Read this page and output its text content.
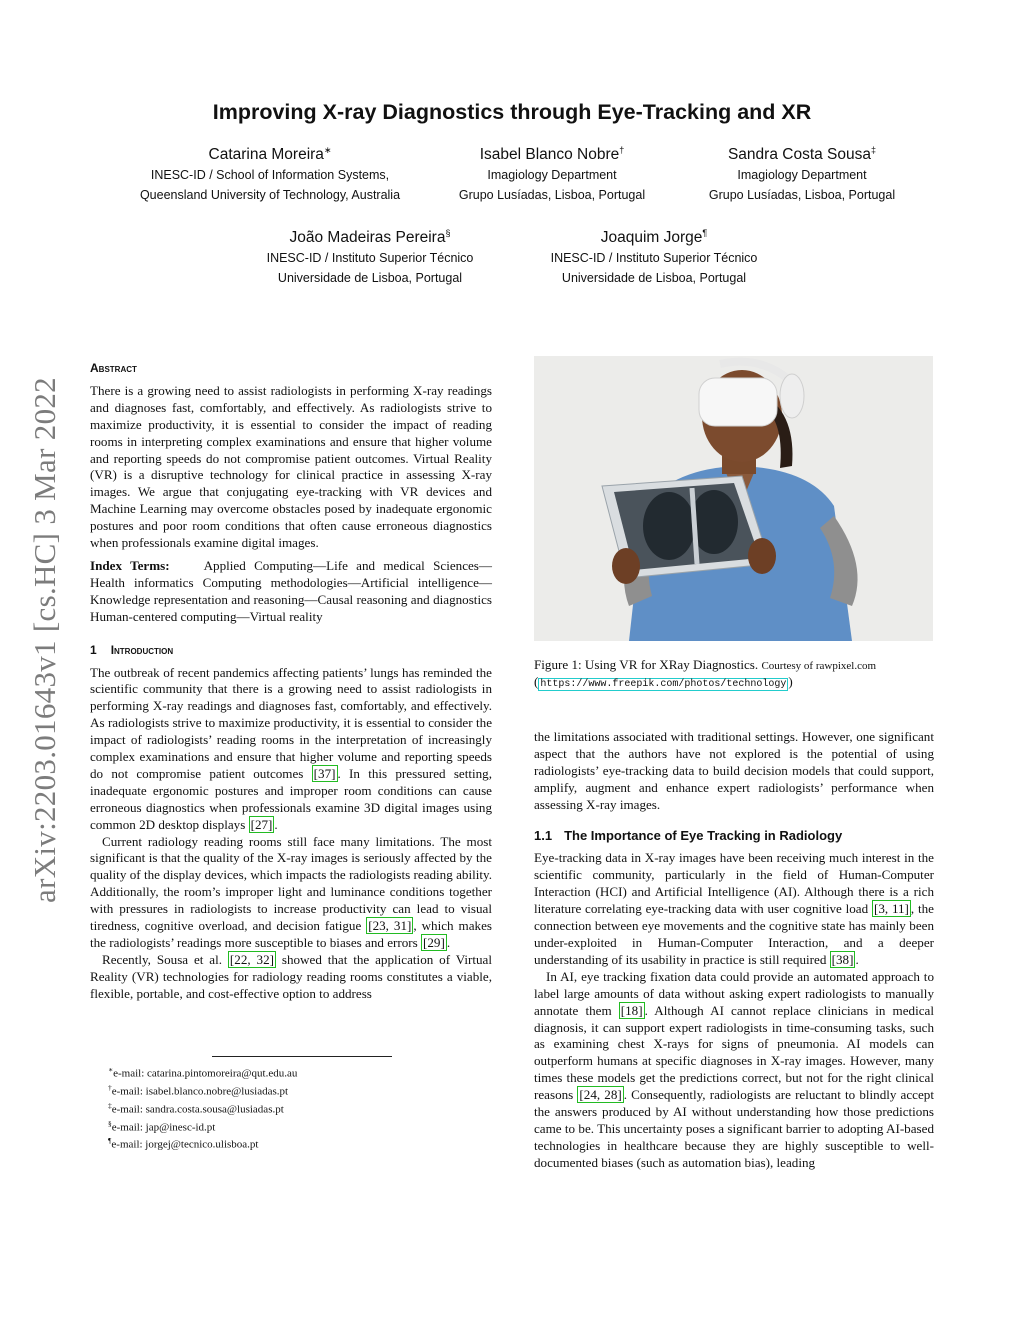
Improving X-ray Diagnostics through Eye-Tracking and XR
Catarina Moreira∗
INESC-ID / School of Information Systems,
Queensland University of Technology, Australia
Isabel Blanco Nobre†
Imagiology Department
Grupo Lusíadas, Lisboa, Portugal
Sandra Costa Sousa‡
Imagiology Department
Grupo Lusíadas, Lisboa, Portugal
João Madeiras Pereira§
INESC-ID / Instituto Superior Técnico
Universidade de Lisboa, Portugal
Joaquim Jorge¶
INESC-ID / Instituto Superior Técnico
Universidade de Lisboa, Portugal
arXiv:2203.01643v1 [cs.HC] 3 Mar 2022
Abstract

There is a growing need to assist radiologists in performing X-ray readings and diagnoses fast, comfortably, and effectively. As radiologists strive to maximize productivity, it is essential to consider the impact of reading rooms in interpreting complex examinations and ensure that higher volume and reporting speeds do not compromise patient outcomes. Virtual Reality (VR) is a disruptive technology for clinical practice in assessing X-ray images. We argue that conjugating eye-tracking with VR devices and Machine Learning may overcome obstacles posed by inadequate ergonomic postures and poor room conditions that often cause erroneous diagnostics when professionals examine digital images.

Index Terms:	Applied Computing—Life and medical Sciences—Health informatics Computing methodologies—Artificial intelligence—Knowledge representation and reasoning—Causal reasoning and diagnostics Human-centered computing—Virtual reality

1 Introduction

The outbreak of recent pandemics affecting patients’ lungs has reminded the scientific community that there is a growing need to assist radiologists in performing X-ray readings and diagnoses fast, comfortably, and effectively. As radiologists strive to maximize productivity, it is essential to consider the impact of radiologists’ reading rooms in the interpretation of increasingly complex examinations and ensure that higher volume and reporting speeds do not compromise patient outcomes [37] . In this pressured setting, inadequate ergonomic postures and improper room conditions can cause erroneous diagnostics when professionals examine 3D digital images using common 2D desktop displays [27] .

Current radiology reading rooms still face many limitations. The most significant is that the quality of the X-ray images is seriously affected by the quality of the display devices, which impacts the radiologists reading ability. Additionally, the room’s improper light and luminance conditions together with pressures in radiologists to increase productivity can lead to visual tiredness, cognitive overload, and decision fatigue [23, 31] , which makes the radiologists’ readings more susceptible to biases and errors [29] .

Recently, Sousa et al. [22, 32] showed that the application of Virtual Reality (VR) technologies for radiology reading rooms constitutes a viable, flexible, portable, and cost-effective option to address

∗e-mail: catarina.pintomoreira@qut.edu.au
†e-mail: isabel.blanco.nobre@lusiadas.pt
‡e-mail: sandra.costa.sousa@lusiadas.pt
§e-mail: jap@inesc-id.pt
¶e-mail: jorgej@tecnico.ulisboa.pt
Figure 1: Using VR for XRay Diagnostics. Courtesy of rawpixel.com
( https://www.freepik.com/photos/technology )

the limitations associated with traditional settings. However, one significant aspect that the authors have not explored is the potential of using radiologists’ eye-tracking data to build decision models that could support, amplify, augment and enhance expert radiologists’ performance when assessing X-ray images.

1.1 The Importance of Eye Tracking in Radiology

Eye-tracking data in X-ray images have been receiving much interest in the scientific community, particularly in the field of Human-Computer Interaction (HCI) and Artificial Intelligence (AI). Although there is a rich literature correlating eye-tracking data with user cognitive load [3, 11] , the connection between eye movements and the cognitive state has mainly been under-exploited in Human-Computer Interaction, and a deeper understanding of its usability in practice is still required [38] .

In AI, eye tracking fixation data could provide an automated approach to label large amounts of data without asking expert radiologists to manually annotate them [18] . Although AI cannot replace clinicians in medical diagnosis, it can support expert radiologists in time-consuming tasks, such as examining chest X-rays for signs of pneumonia. AI models can outperform humans at specific diagnoses in X-ray images. However, many times these models get the predictions correct, but not for the right clinical reasons [24, 28] . Consequently, radiologists are reluctant to blindly accept the answers produced by AI without understanding how those predictions came to be. This uncertainty poses a significant barrier to adopting AI-based technologies in healthcare because they are highly susceptible to well-documented biases (such as automation bias), leading
